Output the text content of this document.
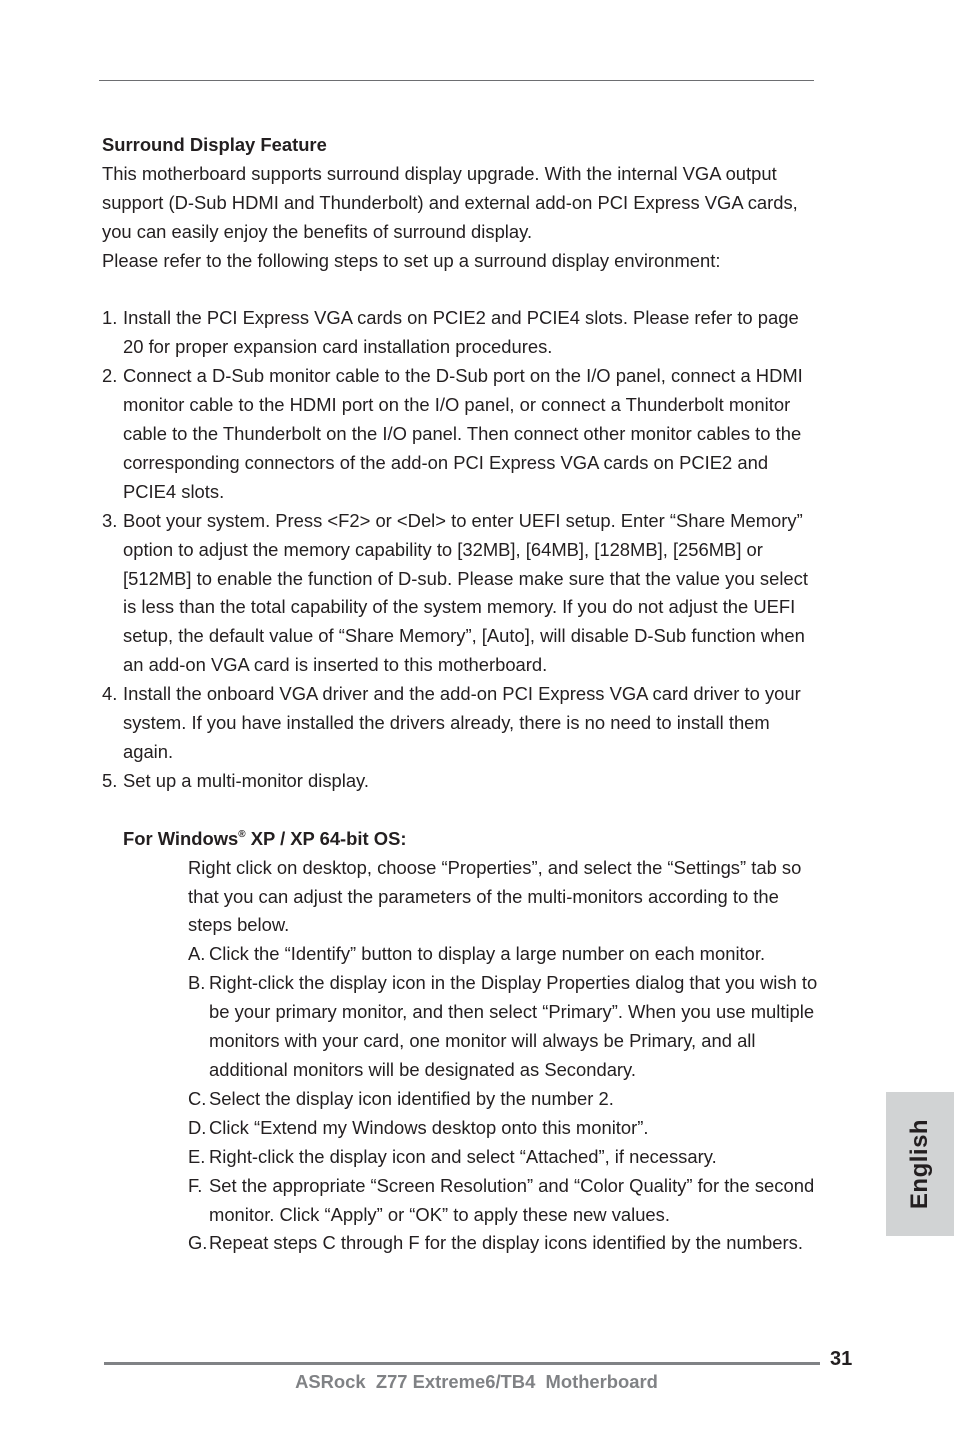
Surround Display Feature

This motherboard supports surround display upgrade. With the internal VGA output support (D-Sub HDMI and Thunderbolt) and external add-on PCI Express VGA cards, you can easily enjoy the benefits of surround display.

Please refer to the following steps to set up a surround display environment:

1. Install the PCI Express VGA cards on PCIE2 and PCIE4 slots. Please refer to page 20 for proper expansion card installation procedures.
2. Connect a D-Sub monitor cable to the D-Sub port on the I/O panel, connect a HDMI monitor cable to the HDMI port on the I/O panel, or connect a Thunderbolt monitor cable to the Thunderbolt on the I/O panel. Then connect other monitor cables to the corresponding connectors of the add-on PCI Express VGA cards on PCIE2 and PCIE4 slots.
3. Boot your system. Press <F2> or <Del> to enter UEFI setup. Enter “Share Memory” option to adjust the memory capability to [32MB], [64MB], [128MB], [256MB] or [512MB] to enable the function of D-sub. Please make sure that the value you select is less than the total capability of the system memory. If you do not adjust the UEFI setup, the default value of “Share Memory”, [Auto], will disable D-Sub function when an add-on VGA card is inserted to this motherboard.
4. Install the onboard VGA driver and the add-on PCI Express VGA card driver to your system. If you have installed the drivers already, there is no need to install them again.
5. Set up a multi-monitor display.

For Windows® XP / XP 64-bit OS:

Right click on desktop, choose “Properties”, and select the “Settings” tab so that you can adjust the parameters of the multi-monitors according to the steps below.

A. Click the “Identify” button to display a large number on each monitor.
B. Right-click the display icon in the Display Properties dialog that you wish to be your primary monitor, and then select “Primary”. When you use multiple monitors with your card, one monitor will always be Primary, and all additional monitors will be designated as Secondary.
C. Select the display icon identified by the number 2.
D. Click “Extend my Windows desktop onto this monitor”.
E. Right-click the display icon and select “Attached”, if necessary.
F. Set the appropriate “Screen Resolution” and “Color Quality” for the second monitor. Click “Apply” or “OK” to apply these new values.
G. Repeat steps C through F for the display icons identified by the numbers.
English
31
ASRock  Z77 Extreme6/TB4  Motherboard
